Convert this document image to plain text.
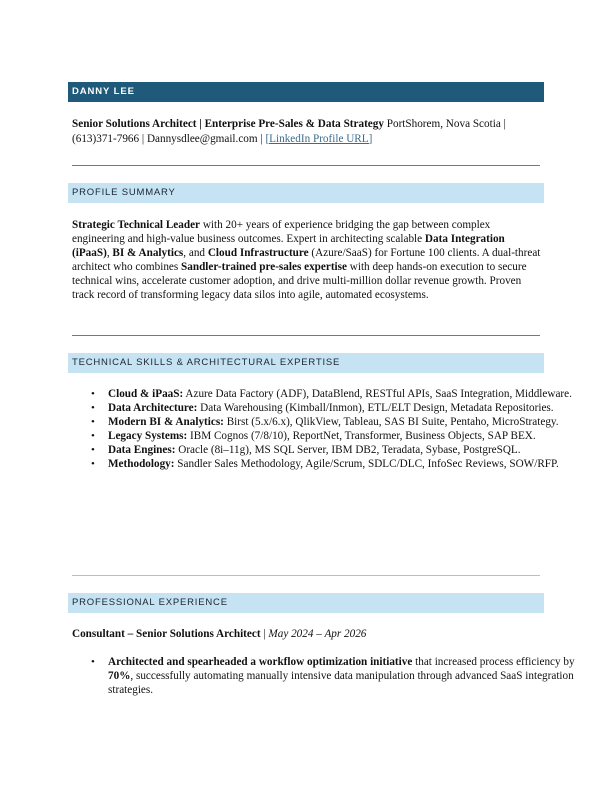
DANNY LEE
Senior Solutions Architect | Enterprise Pre-Sales & Data Strategy PortShorem, Nova Scotia | (613)371-7966 | Dannysdlee@gmail.com | [LinkedIn Profile URL]
PROFILE SUMMARY
Strategic Technical Leader with 20+ years of experience bridging the gap between complex engineering and high-value business outcomes. Expert in architecting scalable Data Integration (iPaaS), BI & Analytics, and Cloud Infrastructure (Azure/SaaS) for Fortune 100 clients. A dual-threat architect who combines Sandler-trained pre-sales expertise with deep hands-on execution to secure technical wins, accelerate customer adoption, and drive multi-million dollar revenue growth. Proven track record of transforming legacy data silos into agile, automated ecosystems.
TECHNICAL SKILLS & ARCHITECTURAL EXPERTISE
• Cloud & iPaaS: Azure Data Factory (ADF), DataBlend, RESTful APIs, SaaS Integration, Middleware.
• Data Architecture: Data Warehousing (Kimball/Inmon), ETL/ELT Design, Metadata Repositories.
• Modern BI & Analytics: Birst (5.x/6.x), QlikView, Tableau, SAS BI Suite, Pentaho, MicroStrategy.
• Legacy Systems: IBM Cognos (7/8/10), ReportNet, Transformer, Business Objects, SAP BEX.
• Data Engines: Oracle (8i–11g), MS SQL Server, IBM DB2, Teradata, Sybase, PostgreSQL.
• Methodology: Sandler Sales Methodology, Agile/Scrum, SDLC/DLC, InfoSec Reviews, SOW/RFP.
PROFESSIONAL EXPERIENCE
Consultant – Senior Solutions Architect | May 2024 – Apr 2026
• Architected and spearheaded a workflow optimization initiative that increased process efficiency by 70%, successfully automating manually intensive data manipulation through advanced SaaS integration strategies.
